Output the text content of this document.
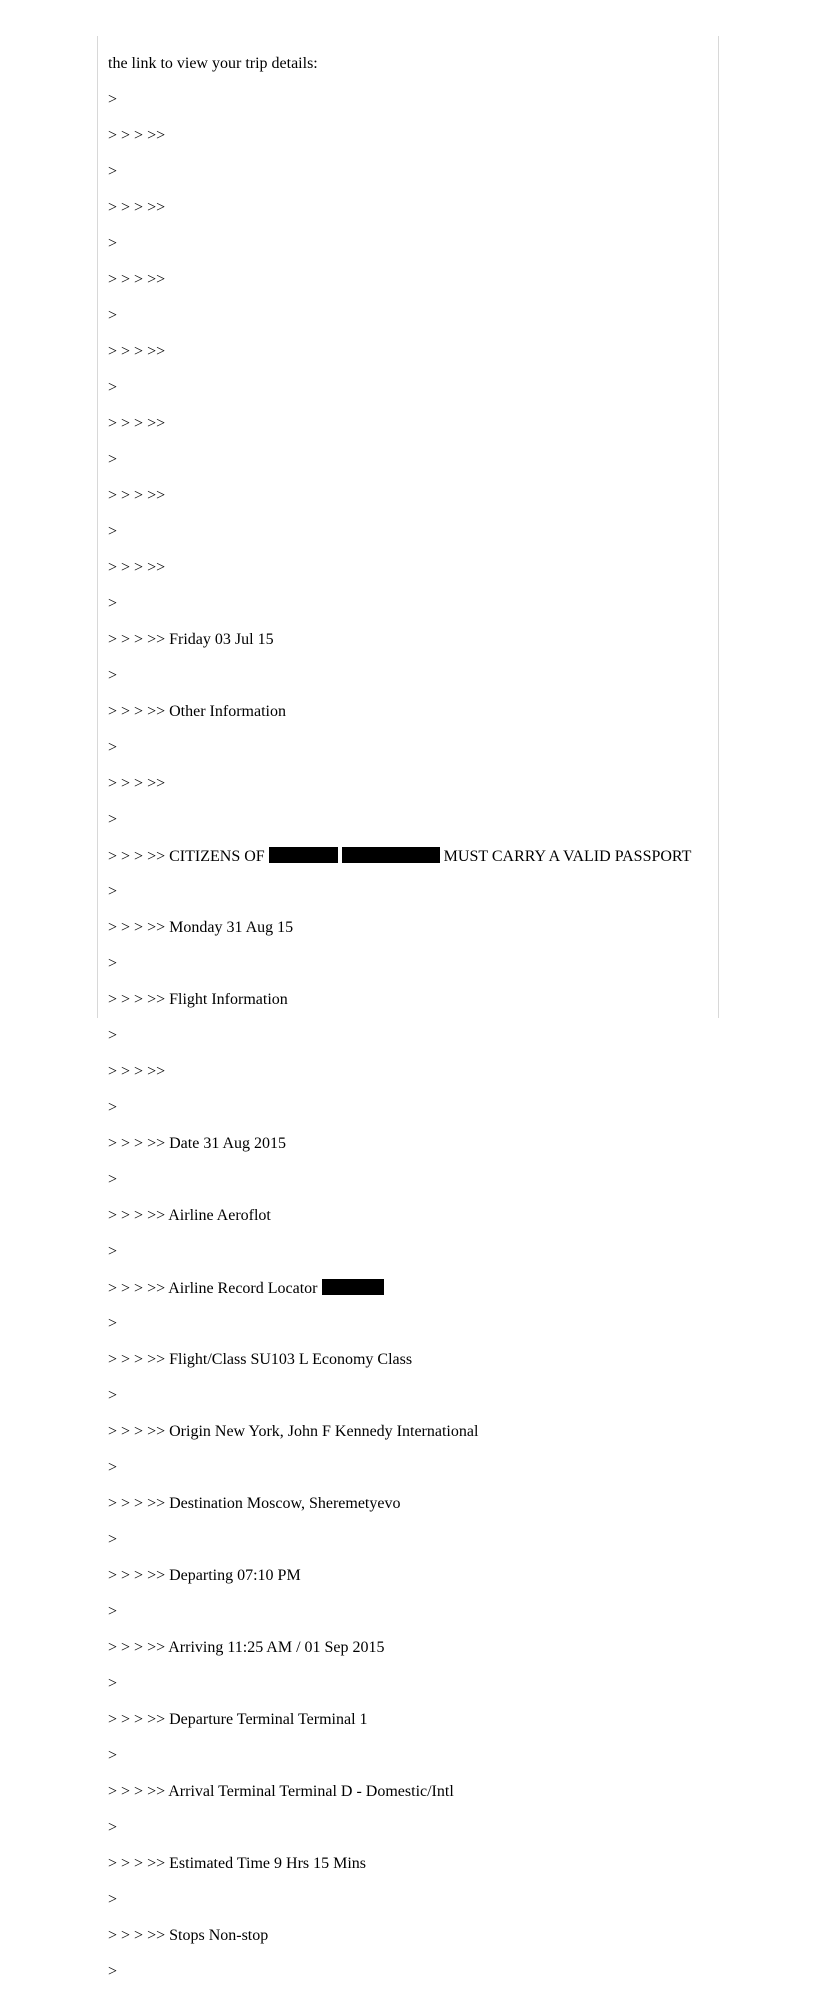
the link to view your trip details:

>

> > > >>

>

> > > >>

>

> > > >>

>

> > > >>

>

> > > >>

>

> > > >>

>

> > > >>

>

> > > >> Friday 03 Jul 15

>

> > > >> Other Information

>

> > > >>

>

> > > >> CITIZENS OF	MUST CARRY A VALID PASSPORT

>

> > > >> Monday 31 Aug 15

>

> > > >> Flight Information

>

> > > >>

>

> > > >> Date 31 Aug 2015

>

> > > >> Airline Aeroflot

>

> > > >> Airline Record Locator

>

> > > >> Flight/Class SU103 L Economy Class

>

> > > >> Origin New York, John F Kennedy International

>

> > > >> Destination Moscow, Sheremetyevo

>

> > > >> Departing 07:10 PM

>

> > > >> Arriving 11:25 AM / 01 Sep 2015

>

> > > >> Departure Terminal Terminal 1

>

> > > >> Arrival Terminal Terminal D - Domestic/Intl

>

> > > >> Estimated Time 9 Hrs 15 Mins

>

> > > >> Stops Non-stop

>
